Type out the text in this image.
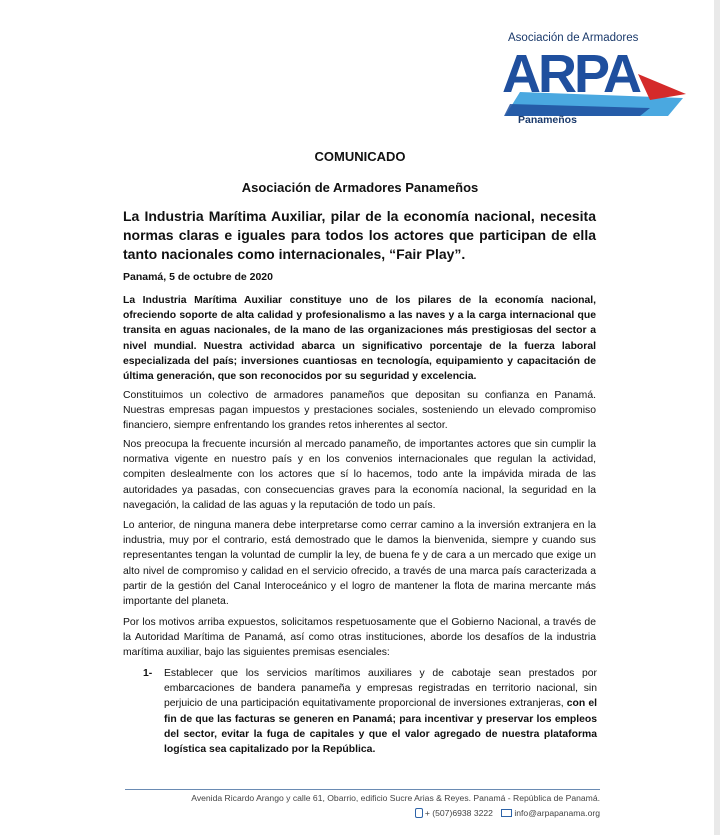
Asociación de Armadores
ARPA
Panameños
COMUNICADO
Asociación de Armadores Panameños
La Industria Marítima Auxiliar, pilar de la economía nacional, necesita normas claras e iguales para todos los actores que participan de ella tanto nacionales como internacionales, “Fair Play”.
Panamá, 5 de octubre de 2020
La Industria Marítima Auxiliar constituye uno de los pilares de la economía nacional, ofreciendo soporte de alta calidad y profesionalismo a las naves y a la carga internacional que transita en aguas nacionales, de la mano de las organizaciones más prestigiosas del sector a nivel mundial. Nuestra actividad abarca un significativo porcentaje de la fuerza laboral especializada del país; inversiones cuantiosas en tecnología, equipamiento y capacitación de última generación, que son reconocidos por su seguridad y excelencia.
Constituimos un colectivo de armadores panameños que depositan su confianza en Panamá. Nuestras empresas pagan impuestos y prestaciones sociales, sosteniendo un elevado compromiso financiero, siempre enfrentando los grandes retos inherentes al sector.
Nos preocupa la frecuente incursión al mercado panameño, de importantes actores que sin cumplir la normativa vigente en nuestro país y en los convenios internacionales que regulan la actividad, compiten deslealmente con los actores que sí lo hacemos, todo ante la impávida mirada de las autoridades ya pasadas, con consecuencias graves para la economía nacional, la seguridad en la navegación, la calidad de las aguas y la reputación de todo un país.
Lo anterior, de ninguna manera debe interpretarse como cerrar camino a la inversión extranjera en la industria, muy por el contrario, está demostrado que le damos la bienvenida, siempre y cuando sus representantes tengan la voluntad de cumplir la ley, de buena fe y de cara a un mercado que exige un alto nivel de compromiso y calidad en el servicio ofrecido, a través de una marca país caracterizada a partir de la gestión del Canal Interoceánico y el logro de mantener la flota de marina mercante más importante del planeta.
Por los motivos arriba expuestos, solicitamos respetuosamente que el Gobierno Nacional, a través de la Autoridad Marítima de Panamá, así como otras instituciones, aborde los desafíos de la industria marítima auxiliar, bajo las siguientes premisas esenciales:
1- Establecer que los servicios marítimos auxiliares y de cabotaje sean prestados por embarcaciones de bandera panameña y empresas registradas en territorio nacional, sin perjuicio de una participación equitativamente proporcional de inversiones extranjeras, con el fin de que las facturas se generen en Panamá; para incentivar y preservar los empleos del sector, evitar la fuga de capitales y que el valor agregado de nuestra plataforma logística sea capitalizado por la República.
Avenida Ricardo Arango y calle 61, Obarrio, edificio Sucre Arias & Reyes. Panamá - República de Panamá.
+ (507)6938 3222 info@arpapanama.org
